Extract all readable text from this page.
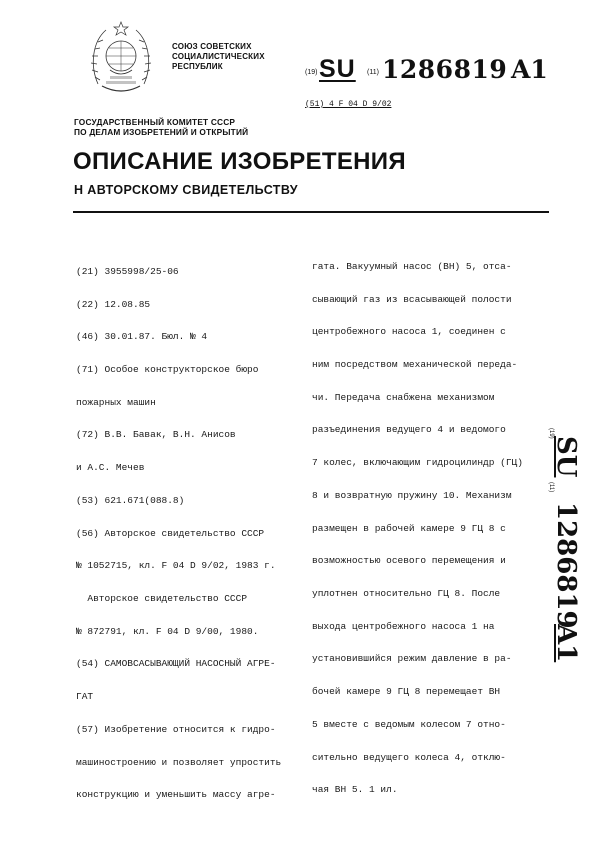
СОЮЗ СОВЕТСКИХ
СОЦИАЛИСТИЧЕСКИХ
РЕСПУБЛИК
(19) SU (11) 1286819 A1
(51) 4 F 04 D 9/02
ГОСУДАРСТВЕННЫЙ КОМИТЕТ СССР
ПО ДЕЛАМ ИЗОБРЕТЕНИЙ И ОТКРЫТИЙ
ОПИСАНИЕ ИЗОБРЕТЕНИЯ
Н АВТОРСКОМУ СВИДЕТЕЛЬСТВУ

(21) 3955998/25-06

(22) 12.08.85

(46) 30.01.87. Бюл. № 4

(71) Особое конструкторское бюро

пожарных машин

(72) В.В. Бавак, В.Н. Анисов

и А.С. Мечев

(53) 621.671(088.8)

(56) Авторское свидетельство СССР

№ 1052715, кл. F 04 D 9/02, 1983 г.

Авторское свидетельство СССР

№ 872791, кл. F 04 D 9/00, 1980.

(54) САМОВСАСЫВАЮЩИЙ НАСОСНЫЙ АГРЕ-

ГАТ

(57) Изобретение относится к гидро-

машиностроению и позволяет упростить

конструкцию и уменьшить массу агре-

гата. Вакуумный насос (ВН) 5, отса-

сывающий газ из всасывающей полости

центробежного насоса 1, соединен с

ним посредством механической переда-

чи. Передача снабжена механизмом

разъединения ведущего 4 и ведомого

7 колес, включающим гидроцилиндр (ГЦ)

8 и возвратную пружину 10. Механизм

размещен в рабочей камере 9 ГЦ 8 с

возможностью осевого перемещения и

уплотнен относительно ГЦ 8. После

выхода центробежного насоса 1 на

установившийся режим давление в ра-

бочей камере 9 ГЦ 8 перемещает ВН

5 вместе с ведомым колесом 7 отно-

сительно ведущего колеса 4, отклю-

чая ВН 5. 1 ил.

(19)
SU
(11)
1286819
A1
